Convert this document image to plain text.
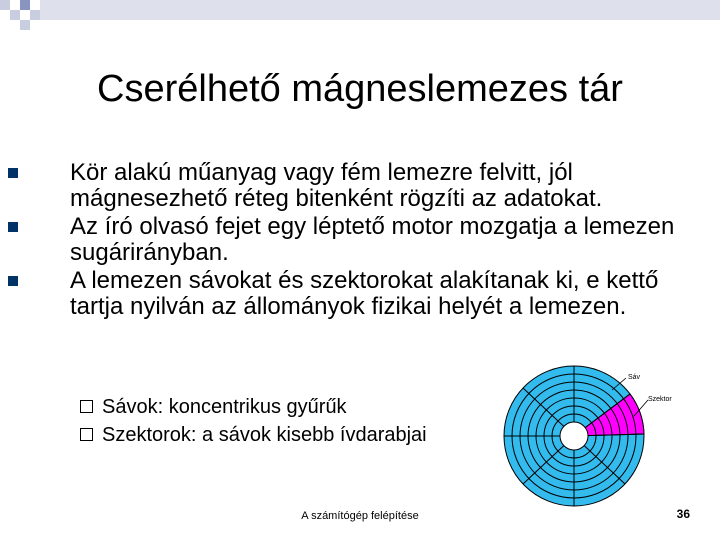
Cserélhető mágneslemezes tár
Kör alakú műanyag vagy fém lemezre felvitt, jól mágnesezhető réteg bitenként rögzíti az adatokat.
Az író olvasó fejet egy léptető motor mozgatja a lemezen sugárirányban.
A lemezen sávokat és szektorokat alakítanak ki, e kettő tartja nyilván az állományok fizikai helyét a lemezen.
Sávok: koncentrikus gyűrűk
Szektorok: a sávok kisebb ívdarabjai
Sáv
Szektor
A számítógép felépítése	36
